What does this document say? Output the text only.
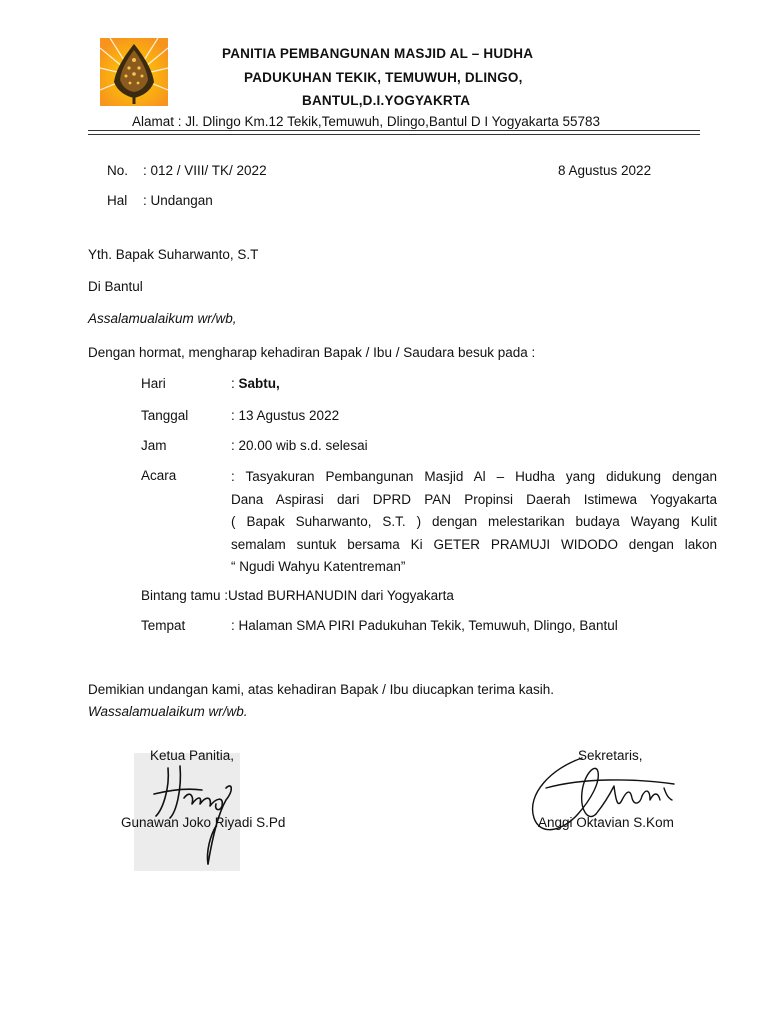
PANITIA PEMBANGUNAN MASJID AL – HUDHA
PADUKUHAN TEKIK, TEMUWUH, DLINGO,
BANTUL,D.I.YOGYAKRTA
Alamat : Jl. Dlingo Km.12 Tekik,Temuwuh, Dlingo,Bantul D I Yogyakarta 55783
No. : 012 / VIII/ TK/ 2022	8 Agustus 2022
Hal : Undangan
Yth. Bapak Suharwanto, S.T
Di Bantul
Assalamualaikum wr/wb,
Dengan hormat, mengharap kehadiran Bapak / Ibu / Saudara besuk pada :
Hari	: Sabtu,
Tanggal	: 13 Agustus 2022
Jam	: 20.00 wib s.d. selesai
Acara	: Tasyakuran Pembangunan Masjid Al – Hudha yang didukung dengan
Dana Aspirasi dari DPRD PAN Propinsi Daerah Istimewa Yogyakarta
( Bapak Suharwanto, S.T. ) dengan melestarikan budaya Wayang Kulit
semalam suntuk bersama Ki GETER PRAMUJI WIDODO dengan lakon
“ Ngudi Wahyu Katentreman”
Bintang tamu :Ustad BURHANUDIN dari Yogyakarta
Tempat	: Halaman SMA PIRI Padukuhan Tekik, Temuwuh, Dlingo, Bantul
Demikian undangan kami, atas kehadiran Bapak / Ibu diucapkan terima kasih.
Wassalamualaikum wr/wb.
Ketua Panitia,	Sekretaris,
Gunawan Joko Riyadi S.Pd	Anggi Oktavian S.Kom
